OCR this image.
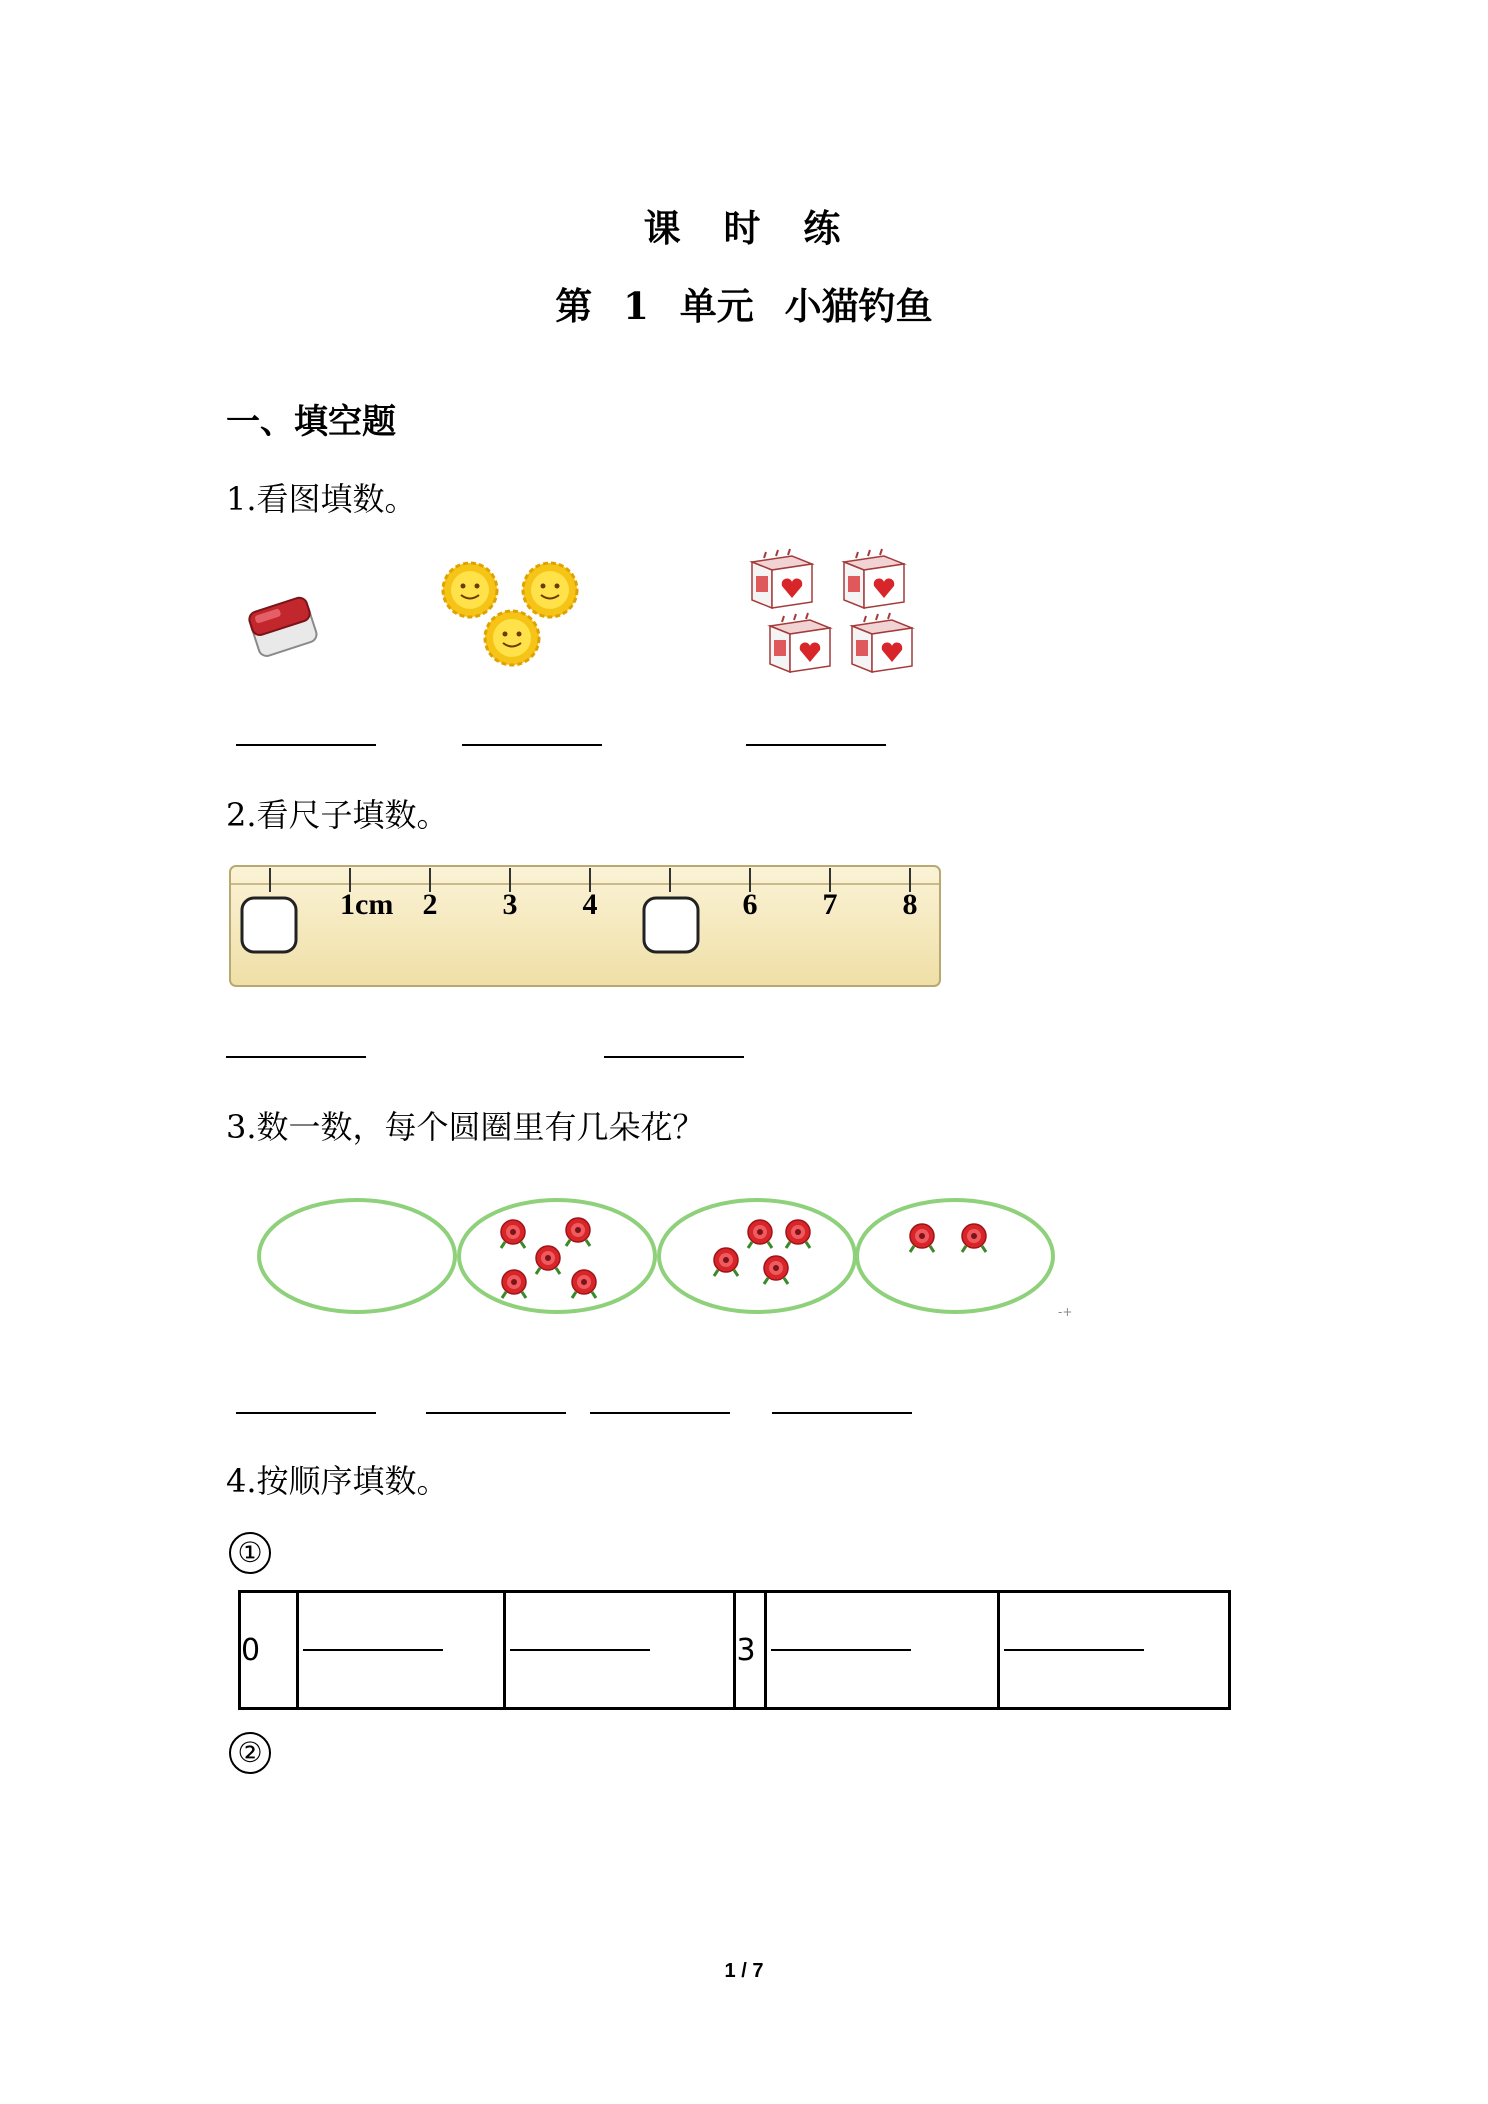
课 时 练
第 1 单元 小猫钓鱼
一、填空题
1.看图填数。
2.看尺子填数。
1cm 2 3 4	6 7 8
3.数一数，每个圆圈里有几朵花？
-+
4.按顺序填数。
①
0			3	

②
1 / 7
